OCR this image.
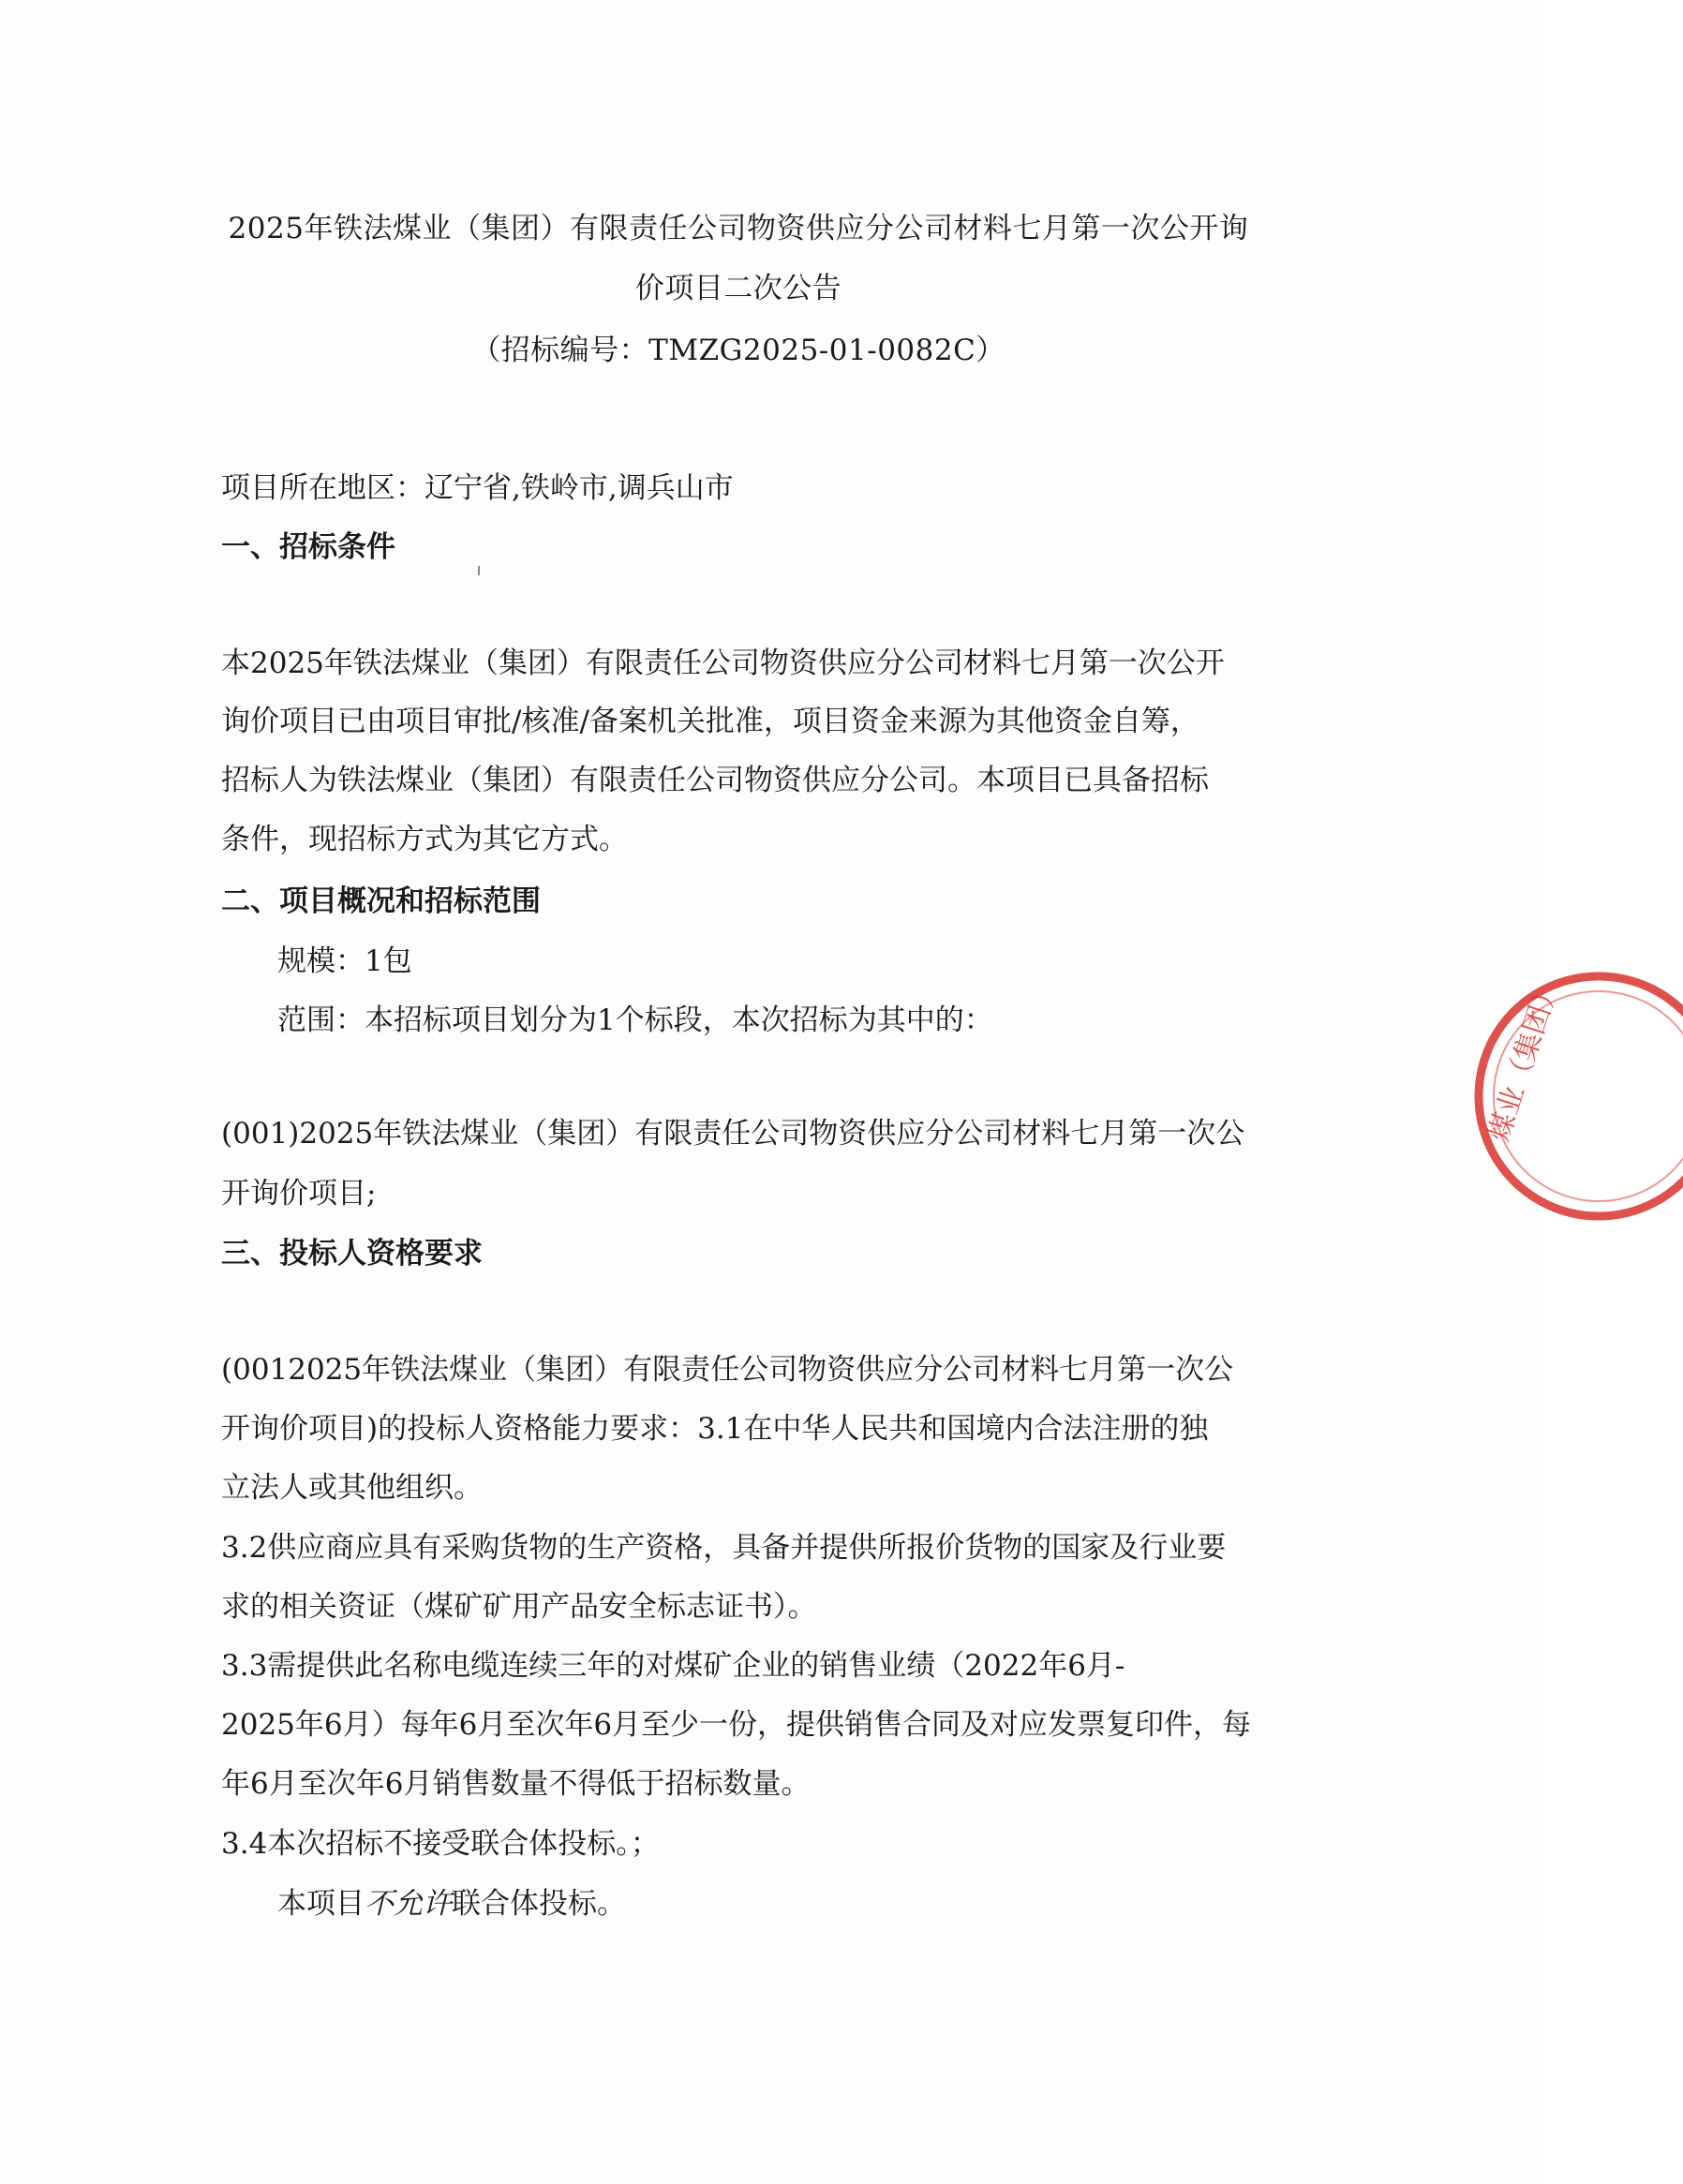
2025年铁法煤业（集团）有限责任公司物资供应分公司材料七月第一次公开询
价项目二次公告
（招标编号：TMZG2025-01-0082C）
项目所在地区：辽宁省,铁岭市,调兵山市
一、招标条件
本2025年铁法煤业（集团）有限责任公司物资供应分公司材料七月第一次公开
询价项目已由项目审批/核准/备案机关批准，项目资金来源为其他资金自筹，
招标人为铁法煤业（集团）有限责任公司物资供应分公司。本项目已具备招标
条件，现招标方式为其它方式。
二、项目概况和招标范围
规模：1包
范围：本招标项目划分为1个标段，本次招标为其中的：
(001)2025年铁法煤业（集团）有限责任公司物资供应分公司材料七月第一次公
开询价项目;
三、投标人资格要求
(0012025年铁法煤业（集团）有限责任公司物资供应分公司材料七月第一次公
开询价项目)的投标人资格能力要求：3.1在中华人民共和国境内合法注册的独
立法人或其他组织。
3.2供应商应具有采购货物的生产资格，具备并提供所报价货物的国家及行业要
求的相关资证（煤矿矿用产品安全标志证书）。
3.3需提供此名称电缆连续三年的对煤矿企业的销售业绩（2022年6月-
2025年6月）每年6月至次年6月至少一份，提供销售合同及对应发票复印件，每
年6月至次年6月销售数量不得低于招标数量。
3.4本次招标不接受联合体投标。；
本项目不允许联合体投标。
煤业（集团）
